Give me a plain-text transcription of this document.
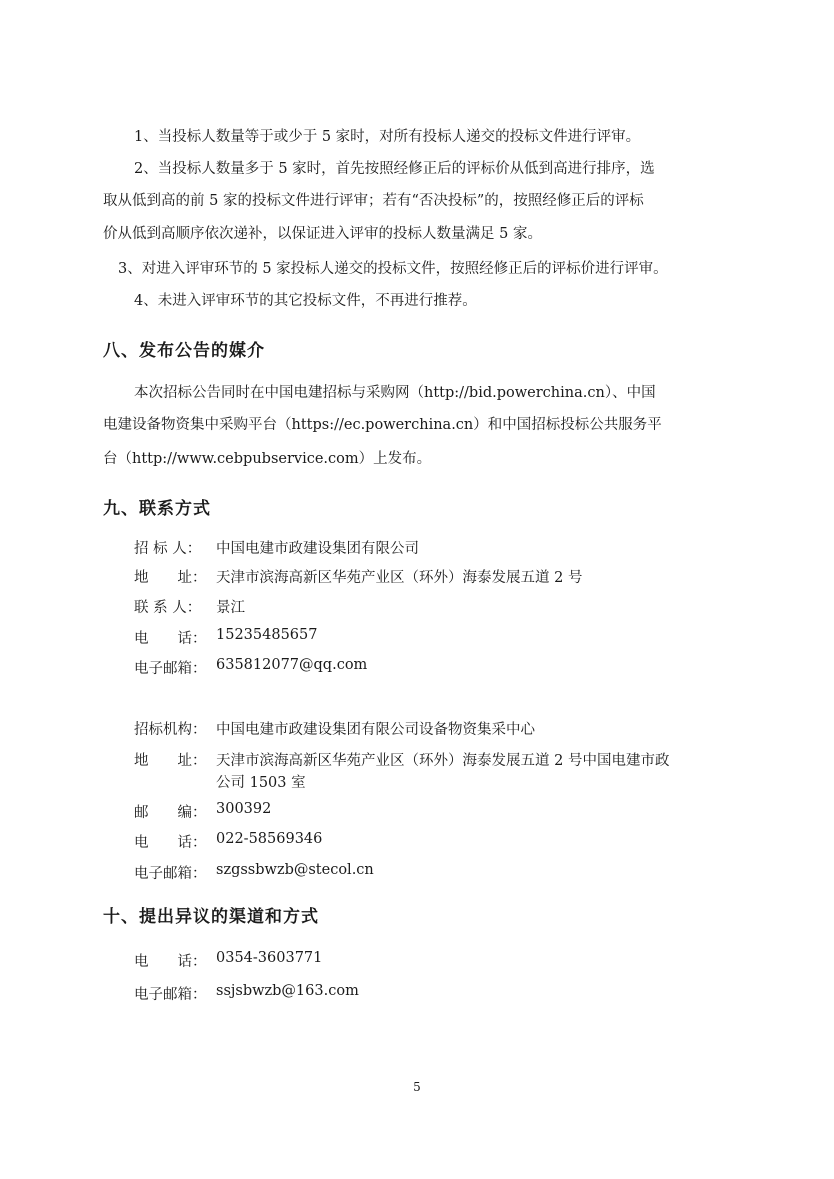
1、当投标人数量等于或少于 5 家时，对所有投标人递交的投标文件进行评审。
2、当投标人数量多于 5 家时，首先按照经修正后的评标价从低到高进行排序，选
取从低到高的前 5 家的投标文件进行评审；若有“否决投标”的，按照经修正后的评标
价从低到高顺序依次递补，以保证进入评审的投标人数量满足 5 家。
3、对进入评审环节的 5 家投标人递交的投标文件，按照经修正后的评标价进行评审。
4、未进入评审环节的其它投标文件，不再进行推荐。
八、发布公告的媒介
本次招标公告同时在中国电建招标与采购网（http://bid.powerchina.cn）、中国
电建设备物资集中采购平台（https://ec.powerchina.cn）和中国招标投标公共服务平
台（http://www.cebpubservice.com）上发布。
九、联系方式
招 标 人： 中国电建市政建设集团有限公司
地　　址： 天津市滨海高新区华苑产业区（环外）海泰发展五道 2 号
联 系 人： 景江
电　　话： 15235485657
电子邮箱： 635812077@qq.com
招标机构： 中国电建市政建设集团有限公司设备物资集采中心
地　　址： 天津市滨海高新区华苑产业区（环外）海泰发展五道 2 号中国电建市政
公司 1503 室
邮　　编： 300392
电　　话： 022-58569346
电子邮箱： szgssbwzb@stecol.cn
十、提出异议的渠道和方式
电　　话： 0354-3603771
电子邮箱： ssjsbwzb@163.com
5
